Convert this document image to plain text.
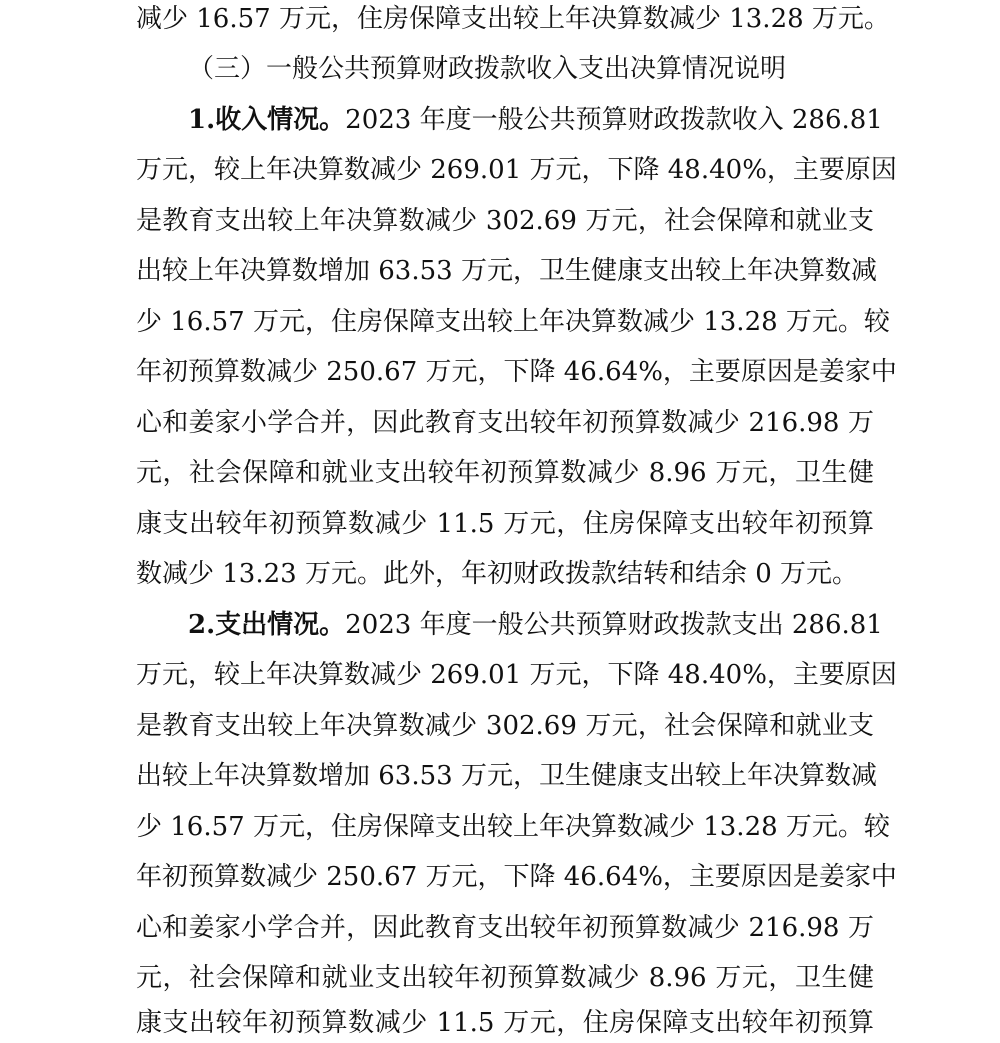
减少 16.57 万元，住房保障支出较上年决算数减少 13.28 万元。
（三）一般公共预算财政拨款收入支出决算情况说明
1.收入情况。2023 年度一般公共预算财政拨款收入 286.81
万元，较上年决算数减少 269.01 万元，下降 48.40%，主要原因
是教育支出较上年决算数减少 302.69 万元，社会保障和就业支
出较上年决算数增加 63.53 万元，卫生健康支出较上年决算数减
少 16.57 万元，住房保障支出较上年决算数减少 13.28 万元。较
年初预算数减少 250.67 万元，下降 46.64%，主要原因是姜家中
心和姜家小学合并，因此教育支出较年初预算数减少 216.98 万
元，社会保障和就业支出较年初预算数减少 8.96 万元，卫生健
康支出较年初预算数减少 11.5 万元，住房保障支出较年初预算
数减少 13.23 万元。此外，年初财政拨款结转和结余 0 万元。
2.支出情况。2023 年度一般公共预算财政拨款支出 286.81
万元，较上年决算数减少 269.01 万元，下降 48.40%，主要原因
是教育支出较上年决算数减少 302.69 万元，社会保障和就业支
出较上年决算数增加 63.53 万元，卫生健康支出较上年决算数减
少 16.57 万元，住房保障支出较上年决算数减少 13.28 万元。较
年初预算数减少 250.67 万元，下降 46.64%，主要原因是姜家中
心和姜家小学合并，因此教育支出较年初预算数减少 216.98 万
元，社会保障和就业支出较年初预算数减少 8.96 万元，卫生健
康支出较年初预算数减少 11.5 万元，住房保障支出较年初预算
